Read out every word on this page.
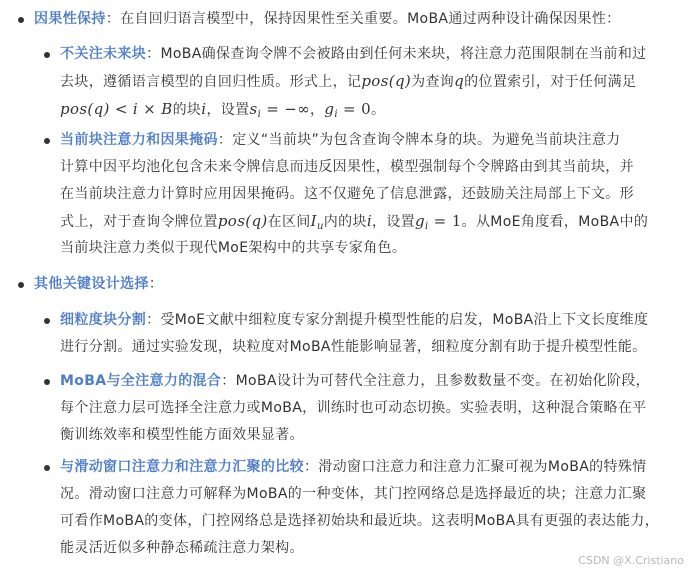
因果性保持：在自回归语言模型中，保持因果性至关重要。MoBA通过两种设计确保因果性：
不关注未来块：MoBA确保查询令牌不会被路由到任何未来块，将注意力范围限制在当前和过
去块，遵循语言模型的自回归性质。形式上，记pos(q)为查询q的位置索引，对于任何满足
pos(q) < i × B的块i，设置$s_i$ = −∞，$g_i = 0$。
当前块注意力和因果掩码：定义“当前块”为包含查询令牌本身的块。为避免当前块注意力
计算中因平均池化包含未来令牌信息而违反因果性，模型强制每个令牌路由到其当前块，并
在当前块注意力计算时应用因果掩码。这不仅避免了信息泄露，还鼓励关注局部上下文。形
式上，对于查询令牌位置pos(q)在区间$I_u$内的块i，设置$g_i = 1$。从MoE角度看，MoBA中的
当前块注意力类似于现代MoE架构中的共享专家角色。
其他关键设计选择：
细粒度块分割：受MoE文献中细粒度专家分割提升模型性能的启发，MoBA沿上下文长度维度
进行分割。通过实验发现，块粒度对MoBA性能影响显著，细粒度分割有助于提升模型性能。
MoBA与全注意力的混合：MoBA设计为可替代全注意力，且参数数量不变。在初始化阶段，
每个注意力层可选择全注意力或MoBA，训练时也可动态切换。实验表明，这种混合策略在平
衡训练效率和模型性能方面效果显著。
与滑动窗口注意力和注意力汇聚的比较：滑动窗口注意力和注意力汇聚可视为MoBA的特殊情
况。滑动窗口注意力可解释为MoBA的一种变体，其门控网络总是选择最近的块；注意力汇聚
可看作MoBA的变体，门控网络总是选择初始块和最近块。这表明MoBA具有更强的表达能力，
能灵活近似多种静态稀疏注意力架构。
CSDN @X.Cristiano
